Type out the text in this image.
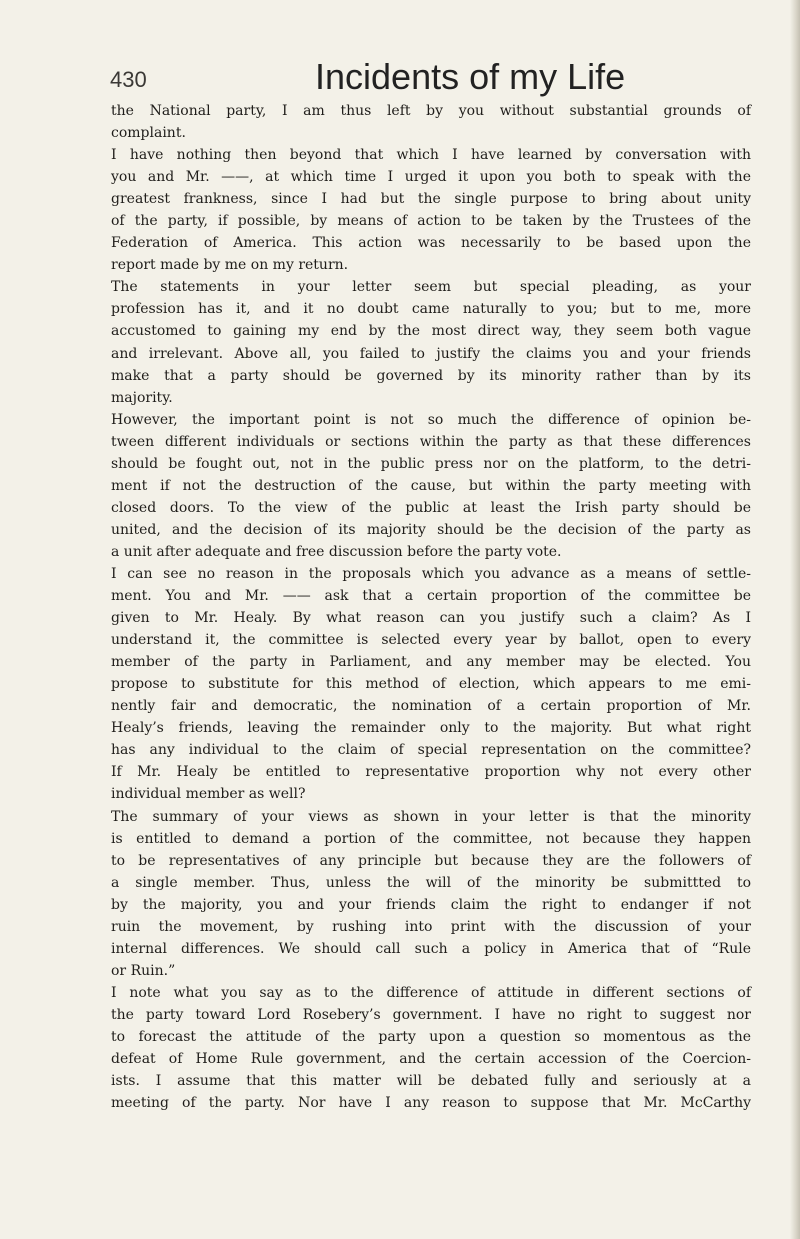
430	Incidents of my Life
the National party, I am thus left by you without substantial grounds of
complaint.
I have nothing then beyond that which I have learned by conversation with
you and Mr. ——, at which time I urged it upon you both to speak with the
greatest frankness, since I had but the single purpose to bring about unity
of the party, if possible, by means of action to be taken by the Trustees of the
Federation of America. This action was necessarily to be based upon the
report made by me on my return.
The statements in your letter seem but special pleading, as your
profession has it, and it no doubt came naturally to you; but to me, more
accustomed to gaining my end by the most direct way, they seem both vague
and irrelevant. Above all, you failed to justify the claims you and your friends
make that a party should be governed by its minority rather than by its
majority.
However, the important point is not so much the difference of opinion be-
tween different individuals or sections within the party as that these differences
should be fought out, not in the public press nor on the platform, to the detri-
ment if not the destruction of the cause, but within the party meeting with
closed doors. To the view of the public at least the Irish party should be
united, and the decision of its majority should be the decision of the party as
a unit after adequate and free discussion before the party vote.
I can see no reason in the proposals which you advance as a means of settle-
ment. You and Mr. —— ask that a certain proportion of the committee be
given to Mr. Healy. By what reason can you justify such a claim? As I
understand it, the committee is selected every year by ballot, open to every
member of the party in Parliament, and any member may be elected. You
propose to substitute for this method of election, which appears to me emi-
nently fair and democratic, the nomination of a certain proportion of Mr.
Healy’s friends, leaving the remainder only to the majority. But what right
has any individual to the claim of special representation on the committee?
If Mr. Healy be entitled to representative proportion why not every other
individual member as well?
The summary of your views as shown in your letter is that the minority
is entitled to demand a portion of the committee, not because they happen
to be representatives of any principle but because they are the followers of
a single member. Thus, unless the will of the minority be submittted to
by the majority, you and your friends claim the right to endanger if not
ruin the movement, by rushing into print with the discussion of your
internal differences. We should call such a policy in America that of “Rule
or Ruin.”
I note what you say as to the difference of attitude in different sections of
the party toward Lord Rosebery’s government. I have no right to suggest nor
to forecast the attitude of the party upon a question so momentous as the
defeat of Home Rule government, and the certain accession of the Coercion-
ists. I assume that this matter will be debated fully and seriously at a
meeting of the party. Nor have I any reason to suppose that Mr. McCarthy
